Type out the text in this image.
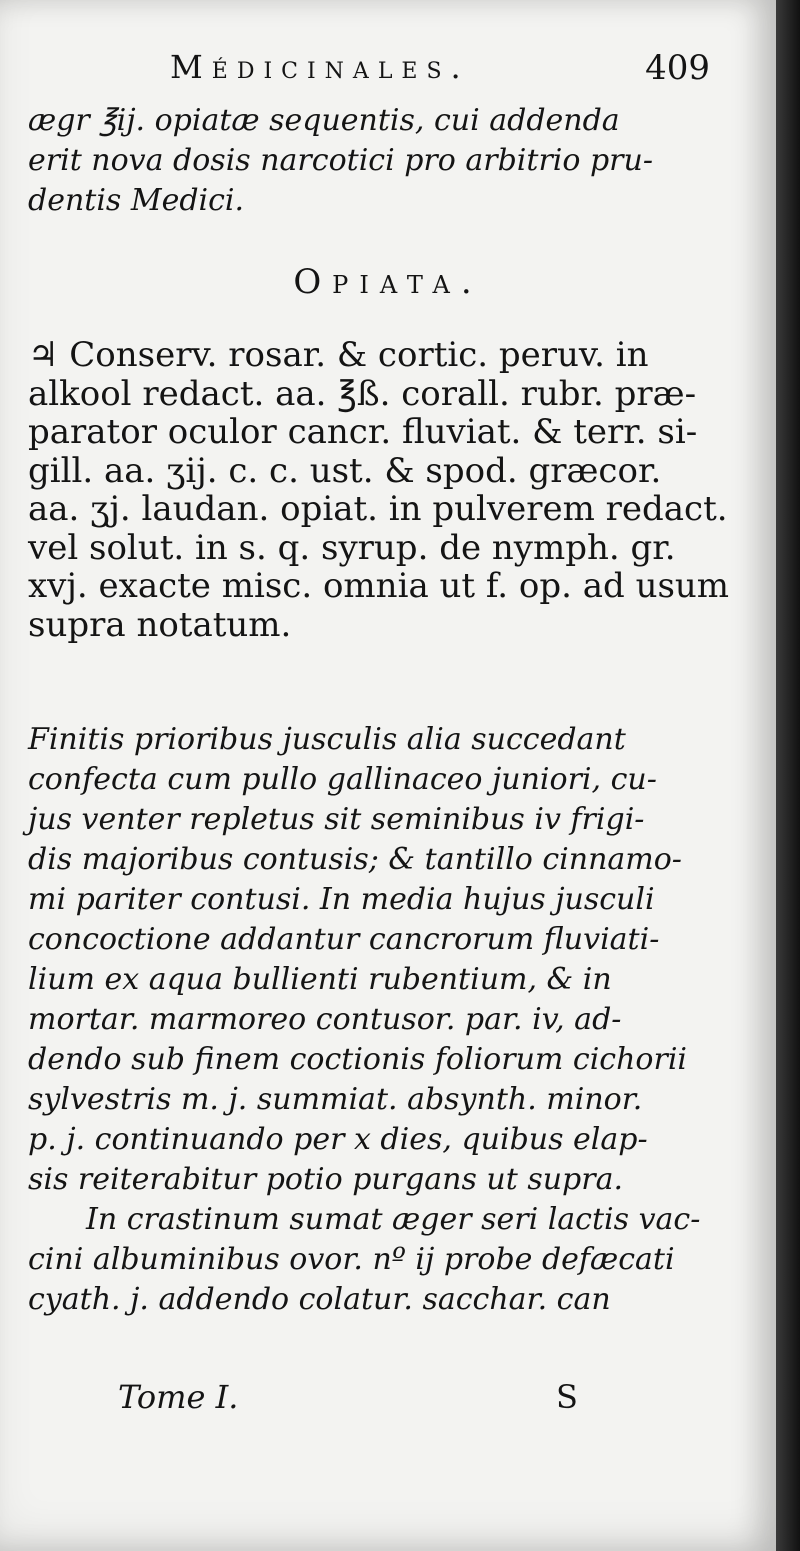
Médicinales.	409
ægr ℥ij. opiatæ sequentis, cui addenda
erit nova dosis narcotici pro arbitrio pru-
dentis Medici.
Opiata.
♃ Conserv. rosar. & cortic. peruv. in
alkool redact. aa. ℥ß. corall. rubr. præ-
parator oculor cancr. fluviat. & terr. si-
gill. aa. ʒij. c. c. ust. & spod. græcor.
aa. ʒj. laudan. opiat. in pulverem redact.
vel solut. in s. q. syrup. de nymph. gr.
xvj. exacte misc. omnia ut f. op. ad usum
supra notatum.
Finitis prioribus jusculis alia succedant
confecta cum pullo gallinaceo juniori, cu-
jus venter repletus sit seminibus iv frigi-
dis majoribus contusis; & tantillo cinnamo-
mi pariter contusi. In media hujus jusculi
concoctione addantur cancrorum fluviati-
lium ex aqua bullienti rubentium, & in
mortar. marmoreo contusor. par. iv, ad-
dendo sub finem coctionis foliorum cichorii
sylvestris m. j. summiat. absynth. minor.
p. j. continuando per x dies, quibus elap-
sis reiterabitur potio purgans ut supra.
In crastinum sumat æger seri lactis vac-
cini albuminibus ovor. nº ij probe defæcati
cyath. j. addendo colatur. sacchar. can
Tome I.	S
